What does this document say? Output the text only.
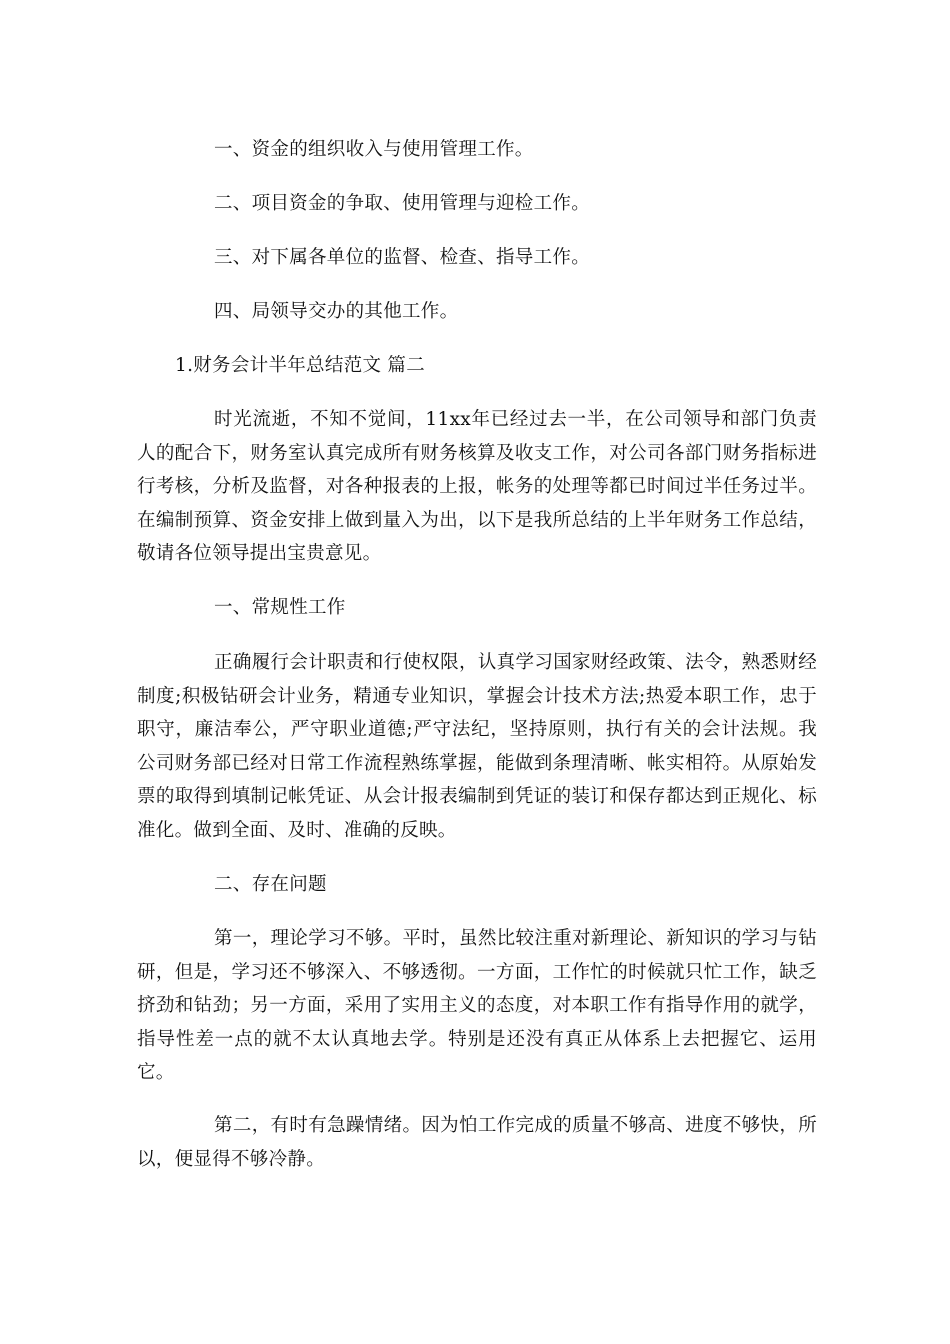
一、资金的组织收入与使用管理工作。
二、项目资金的争取、使用管理与迎检工作。
三、对下属各单位的监督、检查、指导工作。
四、局领导交办的其他工作。
1.财务会计半年总结范文 篇二
时光流逝，不知不觉间，11xx年已经过去一半，在公司领导和部门负责人的配合下，财务室认真完成所有财务核算及收支工作，对公司各部门财务指标进行考核，分析及监督，对各种报表的上报，帐务的处理等都已时间过半任务过半。在编制预算、资金安排上做到量入为出，以下是我所总结的上半年财务工作总结，敬请各位领导提出宝贵意见。
一、常规性工作
正确履行会计职责和行使权限，认真学习国家财经政策、法令，熟悉财经制度;积极钻研会计业务，精通专业知识，掌握会计技术方法;热爱本职工作，忠于职守，廉洁奉公，严守职业道德;严守法纪，坚持原则，执行有关的会计法规。我公司财务部已经对日常工作流程熟练掌握，能做到条理清晰、帐实相符。从原始发票的取得到填制记帐凭证、从会计报表编制到凭证的装订和保存都达到正规化、标准化。做到全面、及时、准确的反映。
二、存在问题
第一，理论学习不够。平时，虽然比较注重对新理论、新知识的学习与钻研，但是，学习还不够深入、不够透彻。一方面，工作忙的时候就只忙工作，缺乏挤劲和钻劲；另一方面，采用了实用主义的态度，对本职工作有指导作用的就学，指导性差一点的就不太认真地去学。特别是还没有真正从体系上去把握它、运用它。
第二，有时有急躁情绪。因为怕工作完成的质量不够高、进度不够快，所以，便显得不够冷静。
